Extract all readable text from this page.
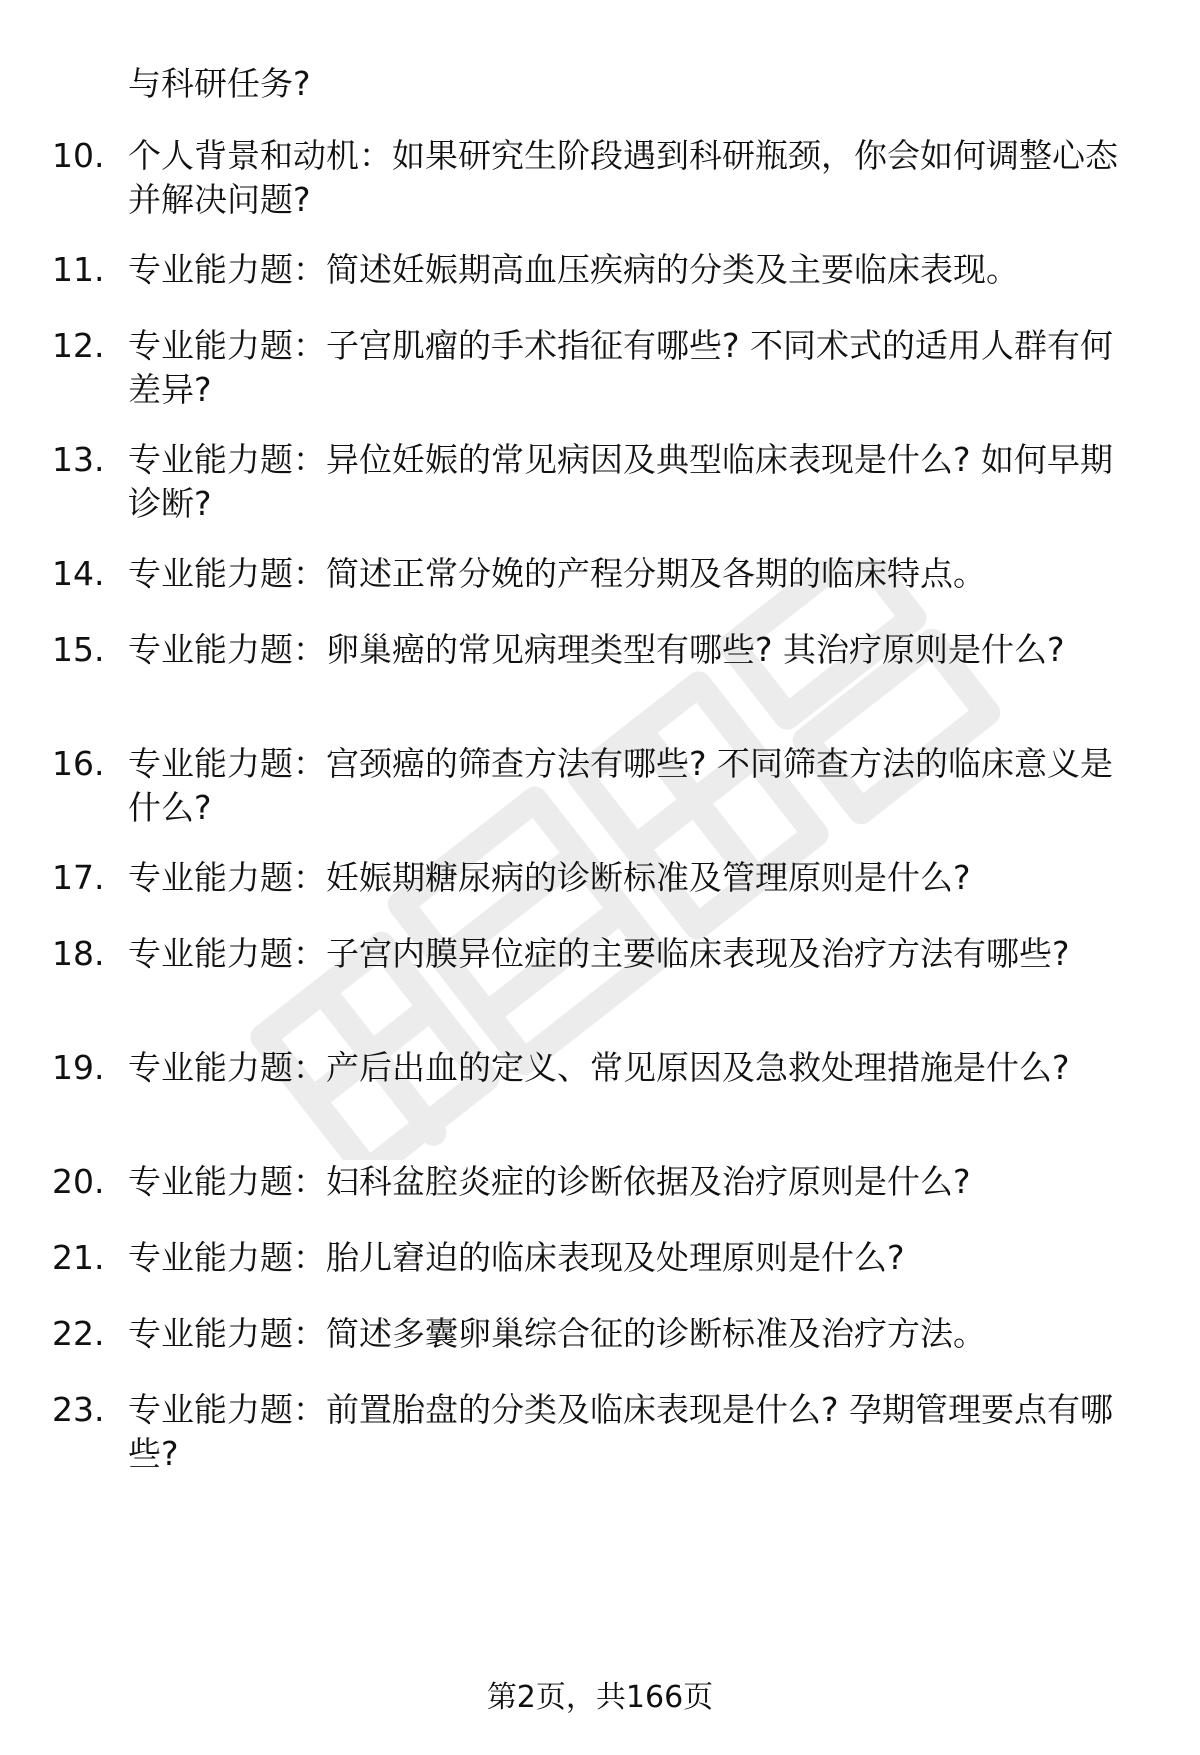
与科研任务?

10. 个人背景和动机：如果研究生阶段遇到科研瓶颈，你会如何调整心态并解决问题?

11. 专业能力题：简述妊娠期高血压疾病的分类及主要临床表现。

12. 专业能力题：子宫肌瘤的手术指征有哪些? 不同术式的适用人群有何差异?

13. 专业能力题：异位妊娠的常见病因及典型临床表现是什么? 如何早期诊断?

14. 专业能力题：简述正常分娩的产程分期及各期的临床特点。

15. 专业能力题：卵巢癌的常见病理类型有哪些? 其治疗原则是什么?

16. 专业能力题：宫颈癌的筛查方法有哪些? 不同筛查方法的临床意义是什么?

17. 专业能力题：妊娠期糖尿病的诊断标准及管理原则是什么?

18. 专业能力题：子宫内膜异位症的主要临床表现及治疗方法有哪些?

19. 专业能力题：产后出血的定义、常见原因及急救处理措施是什么?

20. 专业能力题：妇科盆腔炎症的诊断依据及治疗原则是什么?

21. 专业能力题：胎儿窘迫的临床表现及处理原则是什么?

22. 专业能力题：简述多囊卵巢综合征的诊断标准及治疗方法。

23. 专业能力题：前置胎盘的分类及临床表现是什么? 孕期管理要点有哪些?

第2页，共166页
